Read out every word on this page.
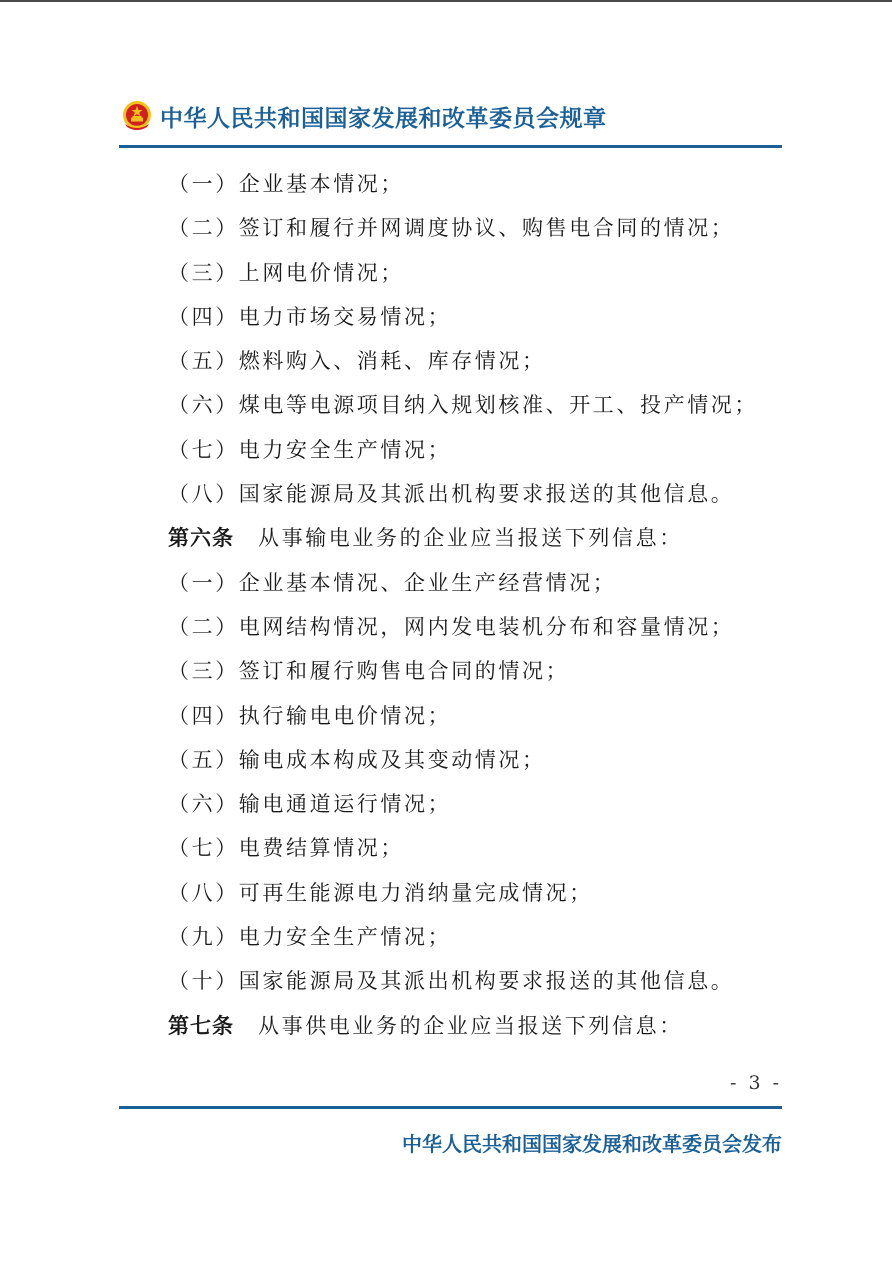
中华人民共和国国家发展和改革委员会规章
（一）企业基本情况；
（二）签订和履行并网调度协议、购售电合同的情况；
（三）上网电价情况；
（四）电力市场交易情况；
（五）燃料购入、消耗、库存情况；
（六）煤电等电源项目纳入规划核准、开工、投产情况；
（七）电力安全生产情况；
（八）国家能源局及其派出机构要求报送的其他信息。
第六条 从事输电业务的企业应当报送下列信息：
（一）企业基本情况、企业生产经营情况；
（二）电网结构情况，网内发电装机分布和容量情况；
（三）签订和履行购售电合同的情况；
（四）执行输电电价情况；
（五）输电成本构成及其变动情况；
（六）输电通道运行情况；
（七）电费结算情况；
（八）可再生能源电力消纳量完成情况；
（九）电力安全生产情况；
（十）国家能源局及其派出机构要求报送的其他信息。
第七条 从事供电业务的企业应当报送下列信息：
- 3 -
中华人民共和国国家发展和改革委员会发布
